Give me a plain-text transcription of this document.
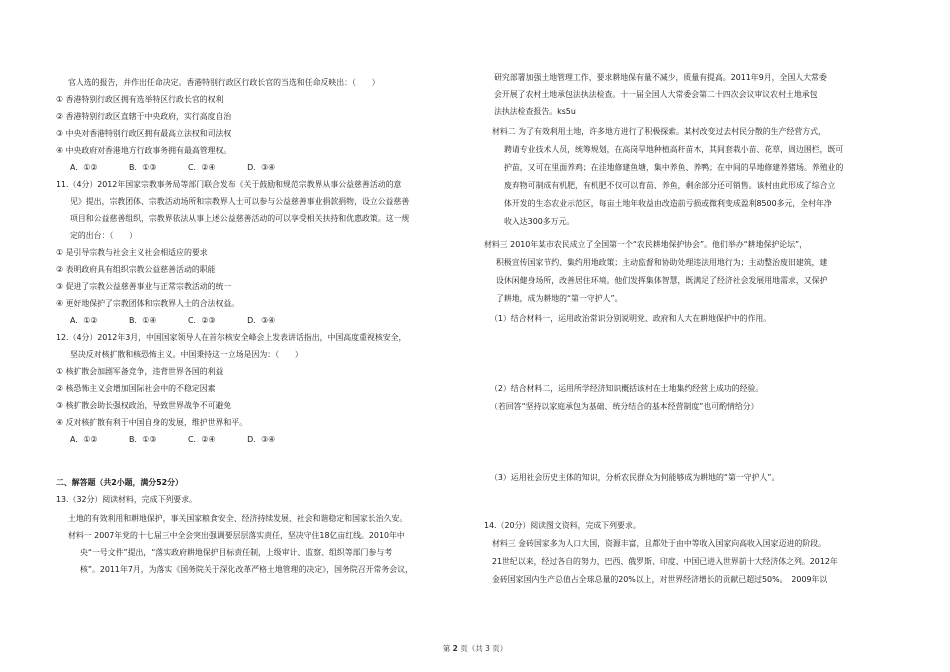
官人选的报告，并作出任命决定。香港特别行政区行政长官的当选和任命反映出：（　　）
① 香港特别行政区拥有选举特区行政长官的权利
② 香港特别行政区直辖于中央政府，实行高度自治
③ 中央对香港特别行政区拥有最高立法权和司法权
④ 中央政府对香港地方行政事务拥有最高管理权。
A．①②　　　　B．①③　　　　C．②④　　　　D．③④
11.（4分）2012年国家宗教事务局等部门联合发布《关于鼓励和规范宗教界从事公益慈善活动的意
见》提出，宗教团体、宗教活动场所和宗教界人士可以参与公益慈善事业捐款捐物，设立公益慈善
项目和公益慈善组织，宗教界依法从事上述公益慈善活动的可以享受相关扶持和优惠政策。这一规
定的出台：（　　）
① 是引导宗教与社会主义社会相适应的要求
② 表明政府具有组织宗教公益慈善活动的职能
③ 促进了宗教公益慈善事业与正常宗教活动的统一
④ 更好地保护了宗教团体和宗教界人士的合法权益。
A．①②　　　　B．①④　　　　C．②③　　　　D．③④
12.（4分）2012年3月，中国国家领导人在首尔核安全峰会上发表讲话指出，中国高度重视核安全，
坚决反对核扩散和核恐怖主义。中国秉持这一立场是因为：（　　）
① 核扩散会加剧军备竞争，违背世界各国的利益
② 核恐怖主义会增加国际社会中的不稳定因素
③ 核扩散会助长强权政治，导致世界战争不可避免
④ 反对核扩散有利于中国自身的发展，维护世界和平。
A．①②　　　　B．①③　　　　C．②④　　　　D．③④
二、解答题（共2小题，满分52分）
13.（32分）阅读材料，完成下列要求。
土地的有效利用和耕地保护，事关国家粮食安全、经济持续发展、社会和谐稳定和国家长治久安。
材料一 2007年党的十七届三中全会突出强调要层层落实责任，坚决守住18亿亩红线。2010年中
央“一号文件”提出，“落实政府耕地保护目标责任制，上级审计、监察、组织等部门参与考
核”。2011年7月，为落实《国务院关于深化改革严格土地管理的决定》，国务院召开常务会议，
研究部署加强土地管理工作，要求耕地保有量不减少，质量有提高。2011年9月，全国人大常委
会开展了农村土地承包法执法检查。十一届全国人大常委会第二十四次会议审议农村土地承包
法执法检查报告。ks5u
材料二 为了有效利用土地，许多地方进行了积极探索。某村改变过去村民分散的生产经营方式，
聘请专业技术人员，统筹规划，在高岗旱地种植高秆苗木，其间套栽小苗、花草，周边围栏，既可
护苗，又可在里面养鸡；在洼地修建鱼塘，集中养鱼、养鸭；在中间的旱地修建养猪场。养殖业的
废弃物可制成有机肥，有机肥不仅可以育苗、养鱼，剩余部分还可销售。该村由此形成了综合立
体开发的生态农业示范区，每亩土地年收益由改造前亏损或微利变成盈利8500多元，全村年净
收入达300多万元。
材料三 2010年某市农民成立了全国第一个“农民耕地保护协会”。他们举办“耕地保护论坛”，
积极宣传国家节约、集约用地政策；主动监督和协助处理违法用地行为；主动整治废旧建筑，建
设休闲健身场所，改善居住环境。他们发挥集体智慧，既满足了经济社会发展用地需求，又保护
了耕地，成为耕地的“第一守护人”。
（1）结合材料一，运用政治常识分别说明党、政府和人大在耕地保护中的作用。
（2）结合材料二，运用所学经济知识概括该村在土地集约经营上成功的经验。
（若回答“坚持以家庭承包为基础、统分结合的基本经营制度”也可酌情给分）
（3）运用社会历史主体的知识，分析农民群众为何能够成为耕地的“第一守护人”。
14.（20分）阅读图文资料，完成下列要求。
材料三 金砖国家多为人口大国，资源丰富，且都处于由中等收入国家向高收入国家迈进的阶段。
21世纪以来，经过各自的努力，巴西、俄罗斯、印度、中国已进入世界前十大经济体之列。2012年
金砖国家国内生产总值占全球总量的20%以上，对世界经济增长的贡献已超过50%。　2009年以
第 2 页（共 3 页）
